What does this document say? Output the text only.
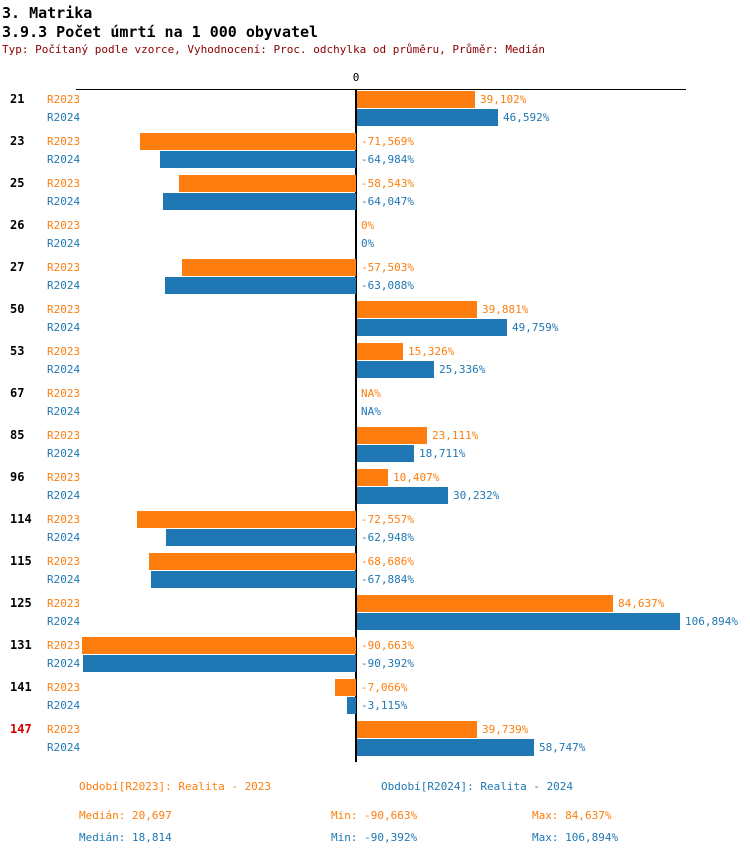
3. Matrika
3.9.3 Počet úmrtí na 1 000 obyvatel
Typ: Počítaný podle vzorce, Vyhodnocení: Proc. odchylka od průměru, Průměr: Medián
0
21 R2023	39,102%
R2024	46,592%
23 R2023	-71,569%
R2024	-64,984%
25 R2023	-58,543%
R2024	-64,047%
26 R2023	0%
R2024	0%
27 R2023	-57,503%
R2024	-63,088%
50 R2023	39,881%
R2024	49,759%
53 R2023	15,326%
R2024	25,336%
67 R2023	NA%
R2024	NA%
85 R2023	23,111%
R2024	18,711%
96 R2023	10,407%
R2024	30,232%
114 R2023	-72,557%
R2024	-62,948%
115 R2023	-68,686%
R2024	-67,884%
125 R2023	84,637%
R2024	106,894%
131 R2023	-90,663%
R2024	-90,392%
141 R2023	-7,066%
R2024	-3,115%
147 R2023	39,739%
R2024	58,747%
Období[R2023]: Realita - 2023	Období[R2024]: Realita - 2024
Medián: 20,697	Min: -90,663%	Max: 84,637%
Medián: 18,814	Min: -90,392%	Max: 106,894%
